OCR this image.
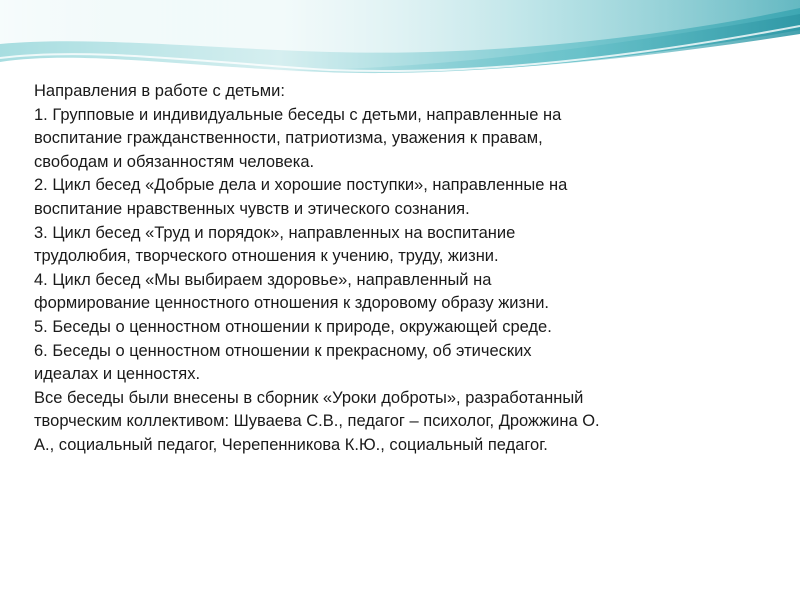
Направления в работе с детьми:
1. Групповые и индивидуальные беседы с детьми, направленные на
воспитание гражданственности, патриотизма, уважения к правам,
свободам и обязанностям человека.
2. Цикл бесед «Добрые дела и хорошие поступки», направленные на
воспитание нравственных чувств и этического сознания.
3. Цикл бесед «Труд и порядок», направленных на воспитание
трудолюбия, творческого отношения к учению, труду, жизни.
4. Цикл бесед «Мы выбираем здоровье», направленный на
формирование ценностного отношения к здоровому образу жизни.
5. Беседы о ценностном отношении к природе, окружающей среде.
6. Беседы о ценностном отношении к прекрасному, об этических
идеалах и ценностях.
Все беседы были внесены в сборник «Уроки доброты», разработанный
творческим коллективом: Шуваева С.В., педагог – психолог, Дрожжина О.
А., социальный педагог, Черепенникова К.Ю., социальный педагог.
